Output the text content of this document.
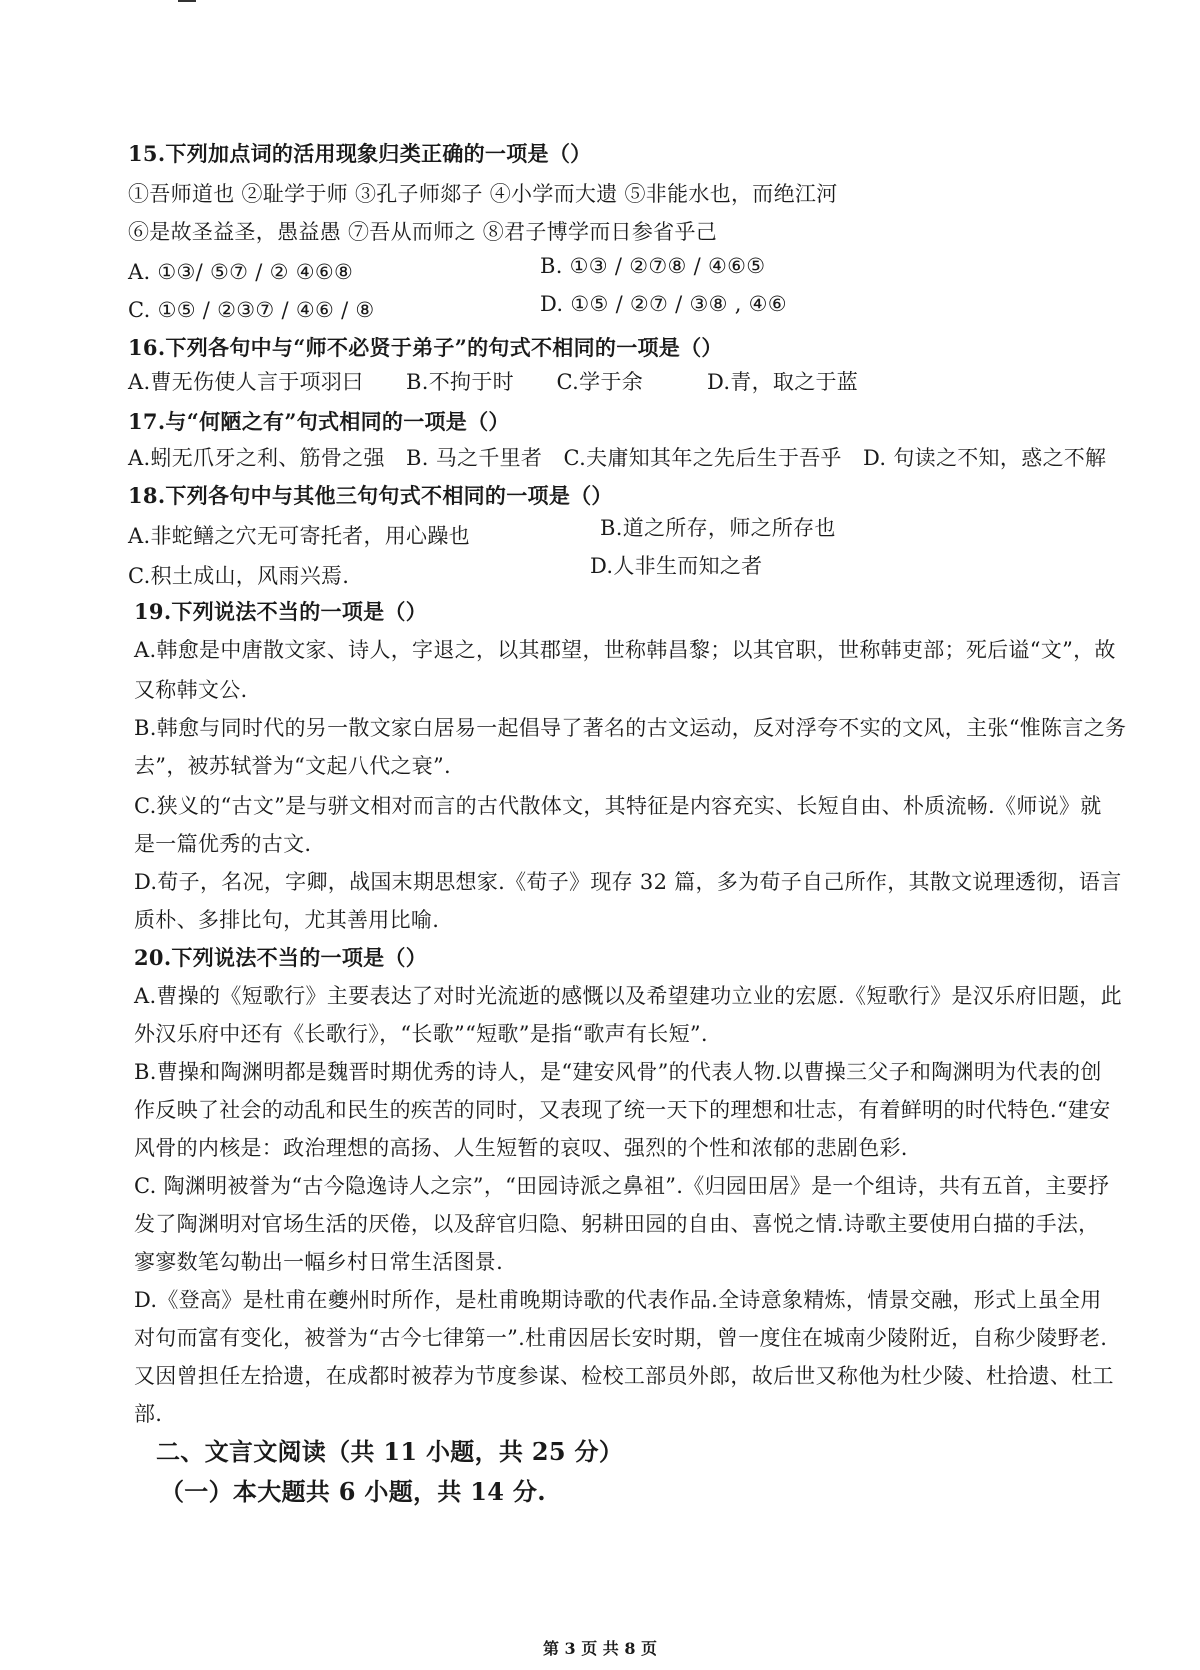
15.下列加点词的活用现象归类正确的一项是（）
①吾师道也 ②耻学于师 ③孔子师郯子 ④小学而大遗 ⑤非能水也，而绝江河
⑥是故圣益圣，愚益愚 ⑦吾从而师之 ⑧君子博学而日参省乎己
A. ①③/ ⑤⑦ / ② ④⑥⑧	B. ①③ / ②⑦⑧ / ④⑥⑤
C. ①⑤ / ②③⑦ / ④⑥ / ⑧	D. ①⑤ / ②⑦ / ③⑧ , ④⑥
16.下列各句中与“师不必贤于弟子”的句式不相同的一项是（）
A.曹无伤使人言于项羽曰　　B.不拘于时　　C.学于余　　　D.青，取之于蓝
17.与“何陋之有”句式相同的一项是（）
A.蚓无爪牙之利、筋骨之强　B. 马之千里者　C.夫庸知其年之先后生于吾乎　D. 句读之不知，惑之不解
18.下列各句中与其他三句句式不相同的一项是（）
A.非蛇鳝之穴无可寄托者，用心躁也	B.道之所存，师之所存也
C.积土成山，风雨兴焉.	D.人非生而知之者
19.下列说法不当的一项是（）
A.韩愈是中唐散文家、诗人，字退之，以其郡望，世称韩昌黎；以其官职，世称韩吏部；死后谥“文”，故
又称韩文公.
B.韩愈与同时代的另一散文家白居易一起倡导了著名的古文运动，反对浮夸不实的文风，主张“惟陈言之务
去”，被苏轼誉为“文起八代之衰”.
C.狭义的“古文”是与骈文相对而言的古代散体文，其特征是内容充实、长短自由、朴质流畅.《师说》就
是一篇优秀的古文.
D.荀子，名况，字卿，战国末期思想家.《荀子》现存 32 篇，多为荀子自己所作，其散文说理透彻，语言
质朴、多排比句，尤其善用比喻.
20.下列说法不当的一项是（）
A.曹操的《短歌行》主要表达了对时光流逝的感慨以及希望建功立业的宏愿.《短歌行》是汉乐府旧题，此
外汉乐府中还有《长歌行》，“长歌”“短歌”是指“歌声有长短”.
B.曹操和陶渊明都是魏晋时期优秀的诗人，是“建安风骨”的代表人物.以曹操三父子和陶渊明为代表的创
作反映了社会的动乱和民生的疾苦的同时，又表现了统一天下的理想和壮志，有着鲜明的时代特色.“建安
风骨的内核是：政治理想的高扬、人生短暂的哀叹、强烈的个性和浓郁的悲剧色彩.
C. 陶渊明被誉为“古今隐逸诗人之宗”，“田园诗派之鼻祖”.《归园田居》是一个组诗，共有五首，主要抒
发了陶渊明对官场生活的厌倦，以及辞官归隐、躬耕田园的自由、喜悦之情.诗歌主要使用白描的手法，
寥寥数笔勾勒出一幅乡村日常生活图景.
D.《登高》是杜甫在夔州时所作，是杜甫晚期诗歌的代表作品.全诗意象精炼，情景交融，形式上虽全用
对句而富有变化，被誉为“古今七律第一”.杜甫因居长安时期，曾一度住在城南少陵附近，自称少陵野老.
又因曾担任左拾遗，在成都时被荐为节度参谋、检校工部员外郎，故后世又称他为杜少陵、杜拾遗、杜工
部.
二、文言文阅读（共 11 小题，共 25 分）
（一）本大题共 6 小题，共 14 分.
第 3 页 共 8 页
